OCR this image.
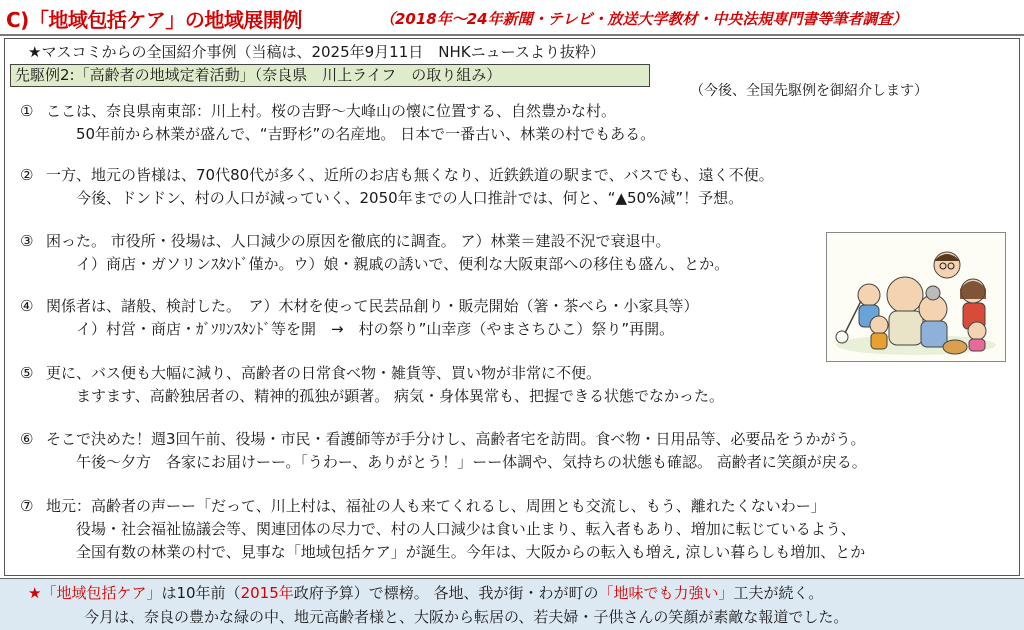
C)「地域包括ケア」の地域展開例	（2018年〜24年新聞・テレビ・放送大学教材・中央法規専門書等筆者調査）
★マスコミからの全国紹介事例（当稿は、2025年9月11日　NHKニュースより抜粋）
先駆例2:「高齢者の地域定着活動」（奈良県　川上ライフ　の取り組み）
（今後、全国先駆例を御紹介します）
① ここは、奈良県南東部：川上村。桜の吉野〜大峰山の懐に位置する、自然豊かな村。
50年前から林業が盛んで、“吉野杉”の名産地。 日本で一番古い、林業の村でもある。
② 一方、地元の皆様は、70代80代が多く、近所のお店も無くなり、近鉄鉄道の駅まで、バスでも、遠く不便。
今後、ドンドン、村の人口が減っていく、2050年までの人口推計では、何と、“▲50%減”！予想。
③ 困った。 市役所・役場は、人口減少の原因を徹底的に調査。 ア）林業＝建設不況で衰退中。
イ）商店・ガソリンｽﾀﾝﾄﾞ僅か。ウ）娘・親戚の誘いで、便利な大阪東部への移住も盛ん、とか。
④ 関係者は、諸般、検討した。　ア）木材を使って民芸品創り・販売開始（箸・茶べら・小家具等）
イ）村営・商店・ｶﾞｿﾘﾝｽﾀﾝﾄﾞ等を開　→　村の祭り”山幸彦（やまさちひこ）祭り”再開。
⑤ 更に、バス便も大幅に減り、高齢者の日常食べ物・雑貨等、買い物が非常に不便。
ますます、高齢独居者の、精神的孤独が顕著。 病気・身体異常も、把握できる状態でなかった。
⑥ そこで決めた！週3回午前、役場・市民・看護師等が手分けし、高齢者宅を訪問。食べ物・日用品等、必要品をうかがう。
午後〜夕方　各家にお届けーー。「うわー、ありがとう！」ーー体調や、気持ちの状態も確認。 高齢者に笑顔が戻る。
⑦ 地元：高齢者の声ーー「だって、川上村は、福祉の人も来てくれるし、周囲とも交流し、もう、離れたくないわー」
役場・社会福祉協議会等、関連団体の尽力で、村の人口減少は食い止まり、転入者もあり、増加に転じているよう、
全国有数の林業の村で、見事な「地域包括ケア」が誕生。今年は、大阪からの転入も増え, 涼しい暮らしも増加、とか
★「地域包括ケア」は10年前（2015年政府予算）で標榜。 各地、我が街・わが町の「地味でも力強い」工夫が続く。
今月は、奈良の豊かな緑の中、地元高齢者様と、大阪から転居の、若夫婦・子供さんの笑顔が素敵な報道でした。
